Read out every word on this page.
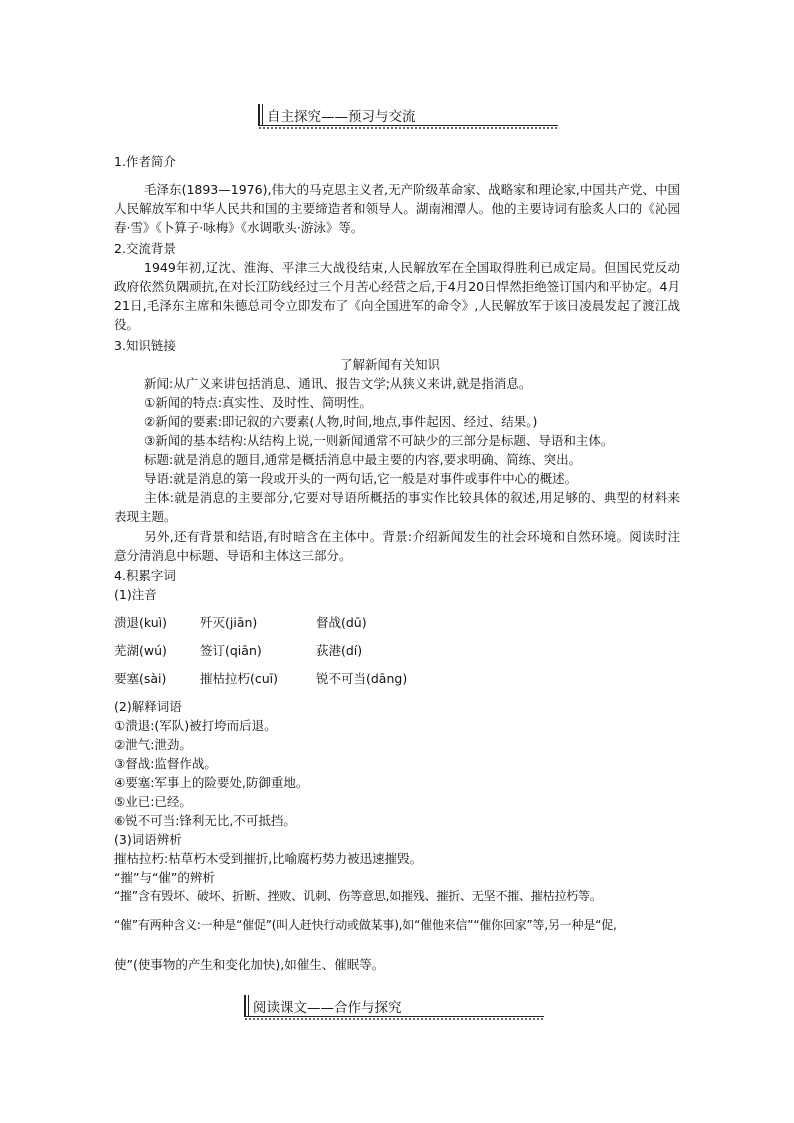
自主探究——预习与交流
1.作者简介
毛泽东(1893—1976),伟大的马克思主义者,无产阶级革命家、战略家和理论家,中国共产党、中国人民解放军和中华人民共和国的主要缔造者和领导人。湖南湘潭人。他的主要诗词有脍炙人口的《沁园春·雪》《卜算子·咏梅》《水调歌头·游泳》等。
2.交流背景
1949年初,辽沈、淮海、平津三大战役结束,人民解放军在全国取得胜利已成定局。但国民党反动政府依然负隅顽抗,在对长江防线经过三个月苦心经营之后,于4月20日悍然拒绝签订国内和平协定。4月21日,毛泽东主席和朱德总司令立即发布了《向全国进军的命令》,人民解放军于该日凌晨发起了渡江战役。
3.知识链接
了解新闻有关知识
新闻:从广义来讲包括消息、通讯、报告文学;从狭义来讲,就是指消息。
①新闻的特点:真实性、及时性、简明性。
②新闻的要素:即记叙的六要素(人物,时间,地点,事件起因、经过、结果。)
③新闻的基本结构:从结构上说,一则新闻通常不可缺少的三部分是标题、导语和主体。
标题:就是消息的题目,通常是概括消息中最主要的内容,要求明确、简练、突出。
导语:就是消息的第一段或开头的一两句话,它一般是对事件或事件中心的概述。
主体:就是消息的主要部分,它要对导语所概括的事实作比较具体的叙述,用足够的、典型的材料来表现主题。
另外,还有背景和结语,有时暗含在主体中。背景:介绍新闻发生的社会环境和自然环境。阅读时注意分清消息中标题、导语和主体这三部分。
4.积累字词
(1)注音
溃退(kuì)	歼灭(jiān)	督战(dū)
芜湖(wú)	签订(qiān)	荻港(dí)
要塞(sài)	摧枯拉朽(cuī)	锐不可当(dāng)
(2)解释词语
①溃退:(军队)被打垮而后退。
②泄气:泄劲。
③督战:监督作战。
④要塞:军事上的险要处,防御重地。
⑤业已:已经。
⑥锐不可当:锋利无比,不可抵挡。
(3)词语辨析
摧枯拉朽:枯草朽木受到摧折,比喻腐朽势力被迅速摧毁。
“摧”与“催”的辨析
“摧”含有毁坏、破坏、折断、挫败、讥刺、伤等意思,如摧残、摧折、无坚不摧、摧枯拉朽等。
“催”有两种含义:一种是“催促”(叫人赶快行动或做某事),如“催他来信”“催你回家”等,另一种是“促,
使”(使事物的产生和变化加快),如催生、催眠等。
阅读课文——合作与探究
